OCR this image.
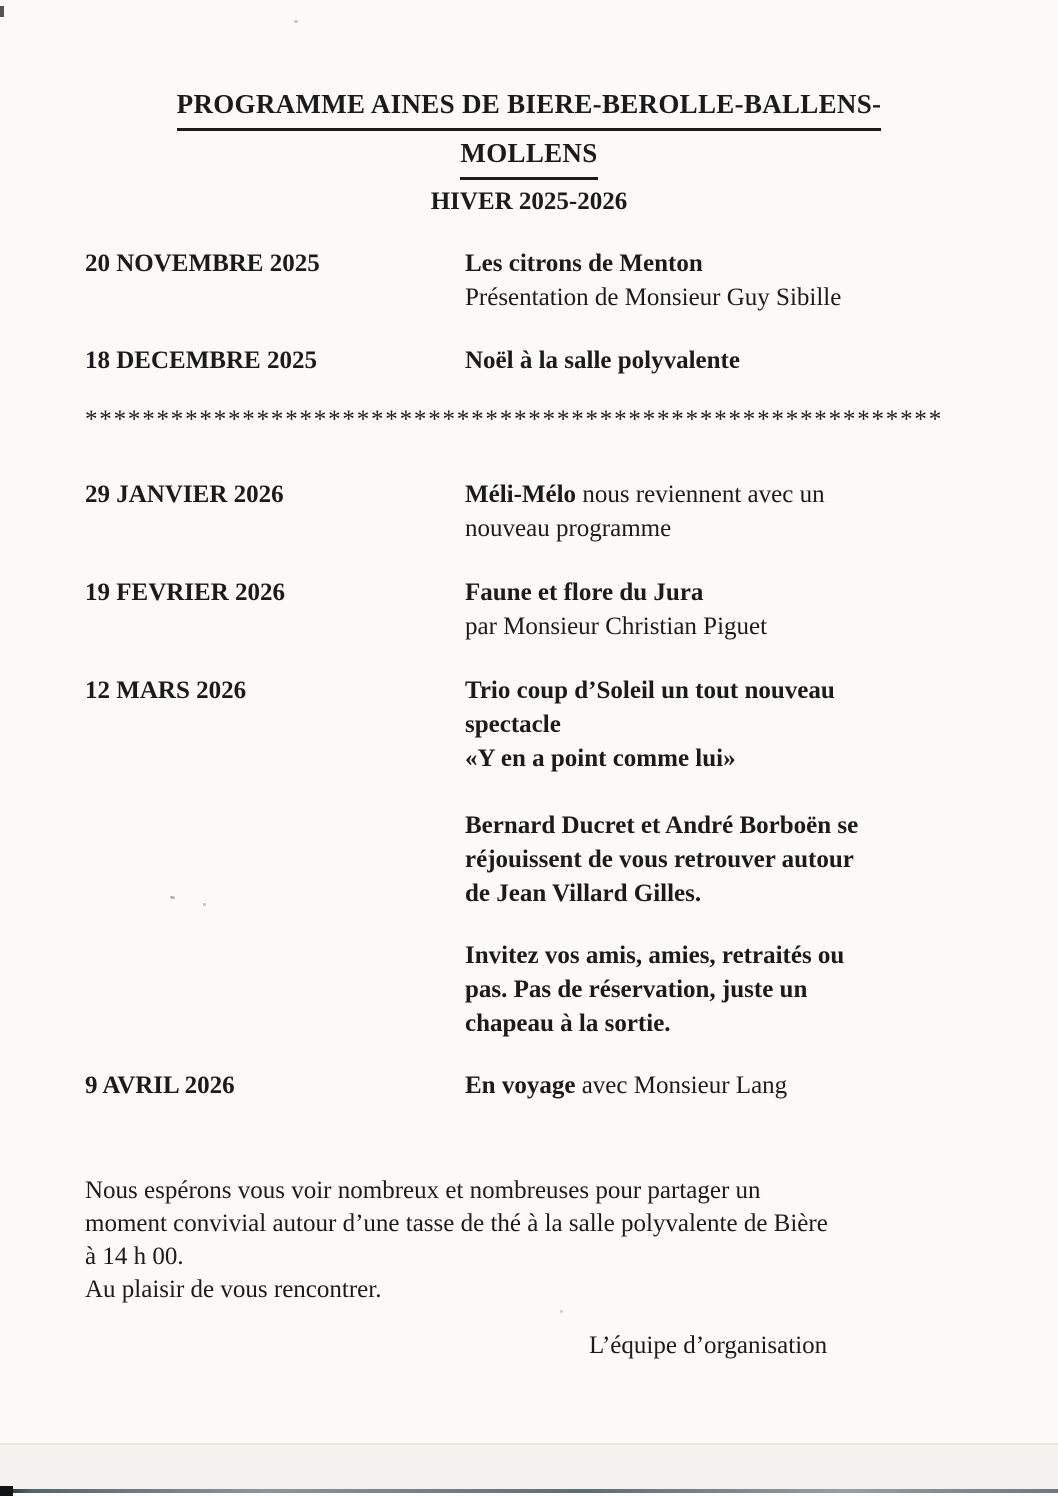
PROGRAMME AINES DE BIERE-BEROLLE-BALLENS-
MOLLENS
HIVER 2025-2026
20 NOVEMBRE 2025	Les citrons de Menton
Présentation de Monsieur Guy Sibille
18 DECEMBRE 2025	Noël à la salle polyvalente
************************************************************
29 JANVIER 2026	Méli-Mélo nous reviennent avec un
nouveau programme
19 FEVRIER 2026	Faune et flore du Jura
par Monsieur Christian Piguet
12 MARS 2026	Trio coup d’Soleil un tout nouveau
spectacle
«Y en a point comme lui»
Bernard Ducret et André Borboën se
réjouissent de vous retrouver autour
de Jean Villard Gilles.
Invitez vos amis, amies, retraités ou
pas. Pas de réservation, juste un
chapeau à la sortie.
9 AVRIL 2026	En voyage avec Monsieur Lang
Nous espérons vous voir nombreux et nombreuses pour partager un
moment convivial autour d’une tasse de thé à la salle polyvalente de Bière
à 14 h 00.
Au plaisir de vous rencontrer.
L’équipe d’organisation
